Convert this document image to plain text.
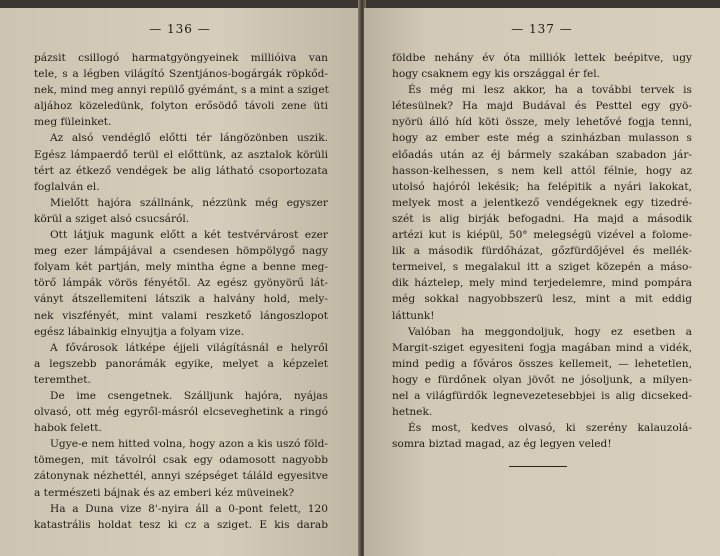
— 136 —
pázsit csillogó harmatgyöngyeinek millióiva van
tele, s a légben világító Szentjános-bogárgák röpkőd-
nek, mind meg annyi repülő gyémánt, s a mint a sziget
aljához közeledünk, folyton erősödő távoli zene üti
meg füleinket.
Az alsó vendéglő előtti tér lángözönben uszik.
Egész lámpaerdő terül el előttünk, az asztalok körüli
tért az étkező vendégek be alig látható csoportozata
foglalván el.
Mielőtt hajóra szállnánk, nézzünk még egyszer
körül a sziget alsó csucsáról.
Ott látjuk magunk előtt a két testvérvárost ezer
meg ezer lámpájával a csendesen hömpölygő nagy
folyam két partján, mely mintha égne a benne meg-
törő lámpák vörös fényétől. Az egész gyönyörű lát-
ványt átszellemiteni látszik a halvány hold, mely-
nek viszfényét, mint valami reszkető lángoszlopot
egész lábainkig elnyujtja a folyam vize.
A fővárosok látképe éjjeli világításnál e helyről
a legszebb panorámák egyike, melyet a képzelet
teremthet.
De ime csengetnek. Szálljunk hajóra, nyájas
olvasó, ott még egyről-másról elcsevegheti̇nk a ringó
habok felett.
Ugye-e nem hitted volna, hogy azon a kis uszó föld-
tömegen, mit távolról csak egy odamosott nagyobb
zátonynak nézhettél, annyi szépséget táláld egyesitve
a természeti bájnak és az emberi kéz müveinek?
Ha a Duna vize 8'-nyira áll a 0-pont felett, 120
katastrális holdat tesz ki cz a sziget. E kis darab
— 137 —
földbe nehány év óta milliók lettek beépitve, ugy
hogy csaknem egy kis országgal ér fel.
És még mi lesz akkor, ha a további tervek is
létesülnek? Ha majd Budával és Pesttel egy gyö-
nyörü álló híd köti össze, mely lehetővé fogja tenni,
hogy az ember este még a szinházban mulasson s
előadás után az éj bármely szakában szabadon jár-
hasson-kelhessen, s nem kell attól félnie, hogy az
utolsó hajóról lekésik; ha felépitik a nyári lakokat,
melyek most a jelentkező vendégeknek egy tizedré-
szét is alig birják befogadni. Ha majd a második
artézi kut is kiépül, 50° melegségü vizével a folome-
lik a második fürdőházat, gőzfürdőjével és mellék-
termeivel, s megalakul itt a sziget közepén a máso-
dik háztelep, mely mind terjedelemre, mind pompára
még sokkal nagyobbszerü lesz, mint a mit eddig
láttunk!
Valóban ha meggondoljuk, hogy ez esetben a
Margit-sziget egyesiteni fogja magában mind a vidék,
mind pedig a főváros összes kellemeit, — lehetetlen,
hogy e fürdőnek olyan jövőt ne jósoljunk, a milyen-
nel a világfürdők legnevezetesebbjei is alig dicseked-
hetnek.
És most, kedves olvasó, ki szerény kalauzolá-
somra biztad magad, az ég legyen veled!
